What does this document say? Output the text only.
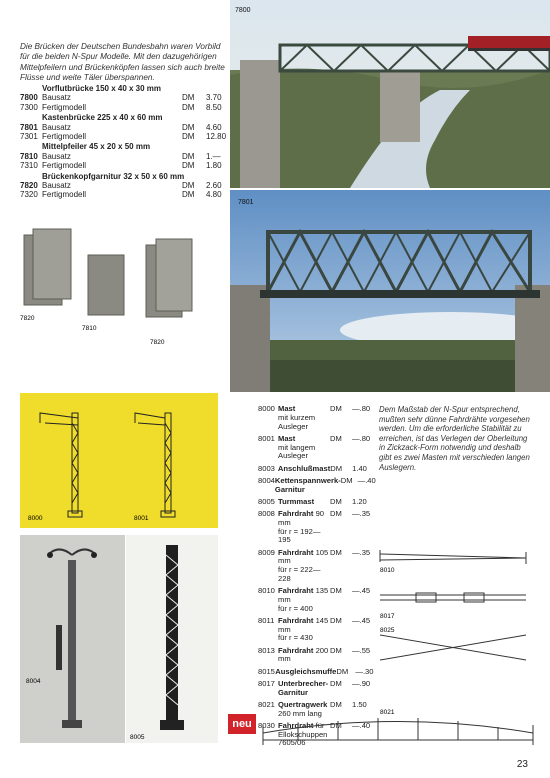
Die Brücken der Deutschen Bundesbahn waren Vorbild für die beiden N-Spur Modelle. Mit den dazugehörigen Mittelpfeilern und Brückenköpfen lassen sich auch breite Flüsse und weite Täler überspannen.
Vorflutbrücke 150 x 40 x 30 mm
7800 Bausatz	DM	3.70
7300 Fertigmodell	DM	8.50
Kastenbrücke 225 x 40 x 60 mm
7801 Bausatz	DM	4.60
7301 Fertigmodell	DM	12.80
Mittelpfeiler 45 x 20 x 50 mm
7810 Bausatz	DM	1.—
7310 Fertigmodell	DM	1.80
Brückenkopfgarnitur 32 x 50 x 60 mm
7820 Bausatz	DM	2.60
7320 Fertigmodell	DM	4.80
7800
7801
7820
7810
7820
8000	8001
8004
8005
8000 Mast
mit kurzem Ausleger
DM	—.80
8001 Mast
mit langem Ausleger
DM	—.80
8003 Anschlußmast DM	1.40
8004 Kettenspannwerk-
Garnitur
DM —.40
8005 Turmmast	DM	1.20
8008 Fahrdraht 90 mm
für r = 192—195
DM	—.35
8009 Fahrdraht 105 mm
für r = 222—228
DM	—.35
8010 Fahrdraht 135 mm
für r = 400
DM	—.45
8011 Fahrdraht 145 mm
für r = 430
DM	—.45
8013 Fahrdraht 200 mm
DM	—.55
8015 Ausgleichsmuffe DM —.30
8017 Unterbrecher-
Garnitur
DM	—.90
8021 Quertragwerk
260 mm lang
DM	1.50
8030 Fahrdraht für
Ellokschuppen 7605/06
DM	—.40
Dem Maßstab der N-Spur entsprechend, mußten sehr dünne Fahrdrähte vorgesehen werden. Um die erforderliche Stabilität zu erreichen, ist das Verlegen der Oberleitung in Zickzack-Form notwendig und deshalb gibt es zwei Masten mit verschieden langen Auslegern.
8010
8017
8025
8021
neu
23
